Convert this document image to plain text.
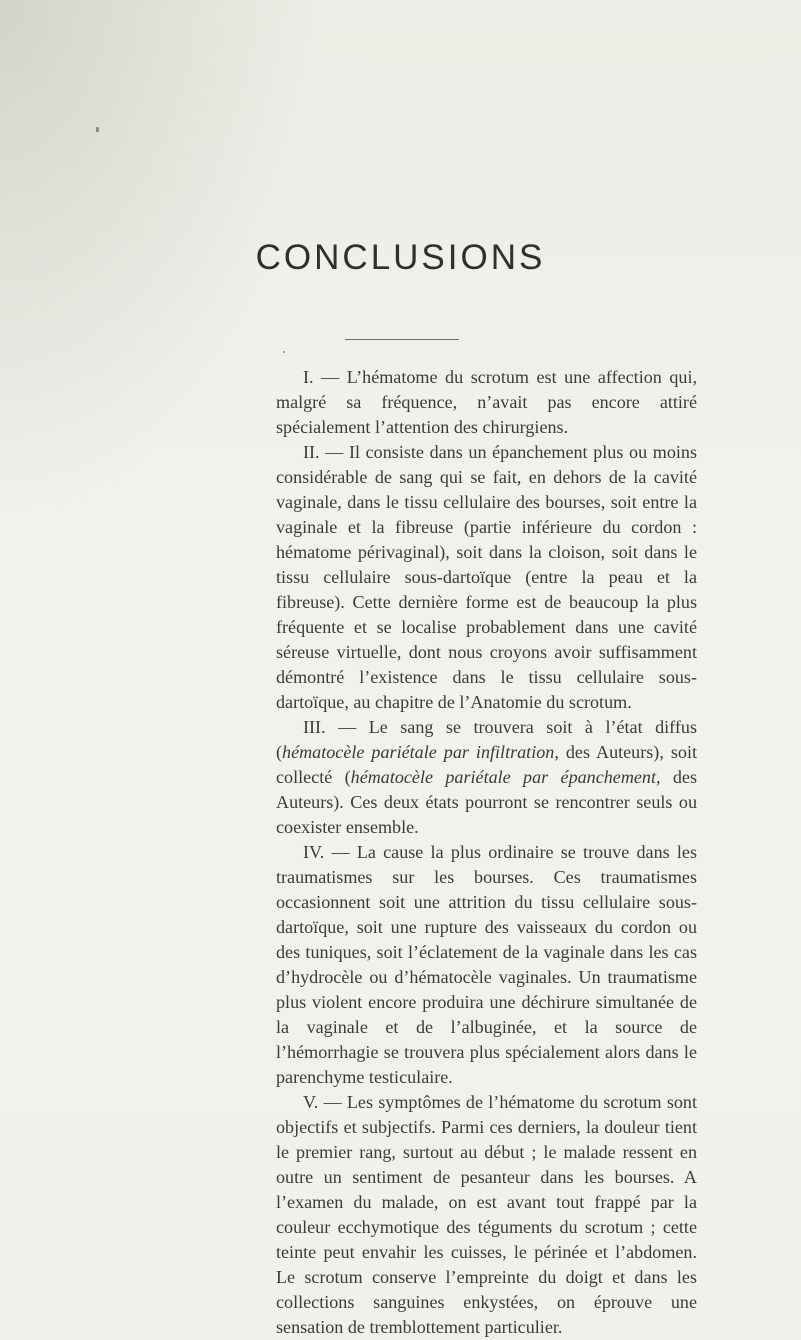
CONCLUSIONS

I. — L’hématome du scrotum est une affection qui, malgré sa fréquence, n’avait pas encore attiré spécialement l’attention des chirurgiens.

II. — Il consiste dans un épanchement plus ou moins considérable de sang qui se fait, en dehors de la cavité vaginale, dans le tissu cellulaire des bourses, soit entre la vaginale et la fibreuse (partie inférieure du cordon : hématome périvaginal), soit dans la cloison, soit dans le tissu cellulaire sous-dartoïque (entre la peau et la fibreuse). Cette dernière forme est de beaucoup la plus fréquente et se localise probablement dans une cavité séreuse virtuelle, dont nous croyons avoir suffisamment démontré l’existence dans le tissu cellulaire sous-dartoïque, au chapitre de l’Anatomie du scrotum.

III. — Le sang se trouvera soit à l’état diffus (hématocèle pariétale par infiltration, des Auteurs), soit collecté (hématocèle pariétale par épanchement, des Auteurs). Ces deux états pourront se rencontrer seuls ou coexister ensemble.

IV. — La cause la plus ordinaire se trouve dans les traumatismes sur les bourses. Ces traumatismes occasionnent soit une attrition du tissu cellulaire sous-dartoïque, soit une rupture des vaisseaux du cordon ou des tuniques, soit l’éclatement de la vaginale dans les cas d’hydrocèle ou d’hématocèle vaginales. Un traumatisme plus violent encore produira une déchirure simultanée de la vaginale et de l’albuginée, et la source de l’hémorrhagie se trouvera plus spécialement alors dans le parenchyme testiculaire.

V. — Les symptômes de l’hématome du scrotum sont objectifs et subjectifs. Parmi ces derniers, la douleur tient le premier rang, surtout au début ; le malade ressent en outre un sentiment de pesanteur dans les bourses. A l’examen du malade, on est avant tout frappé par la couleur ecchymotique des téguments du scrotum ; cette teinte peut envahir les cuisses, le périnée et l’abdomen. Le scrotum conserve l’empreinte du doigt et dans les collections sanguines enkystées, on éprouve une sensation de tremblottement particulier.
